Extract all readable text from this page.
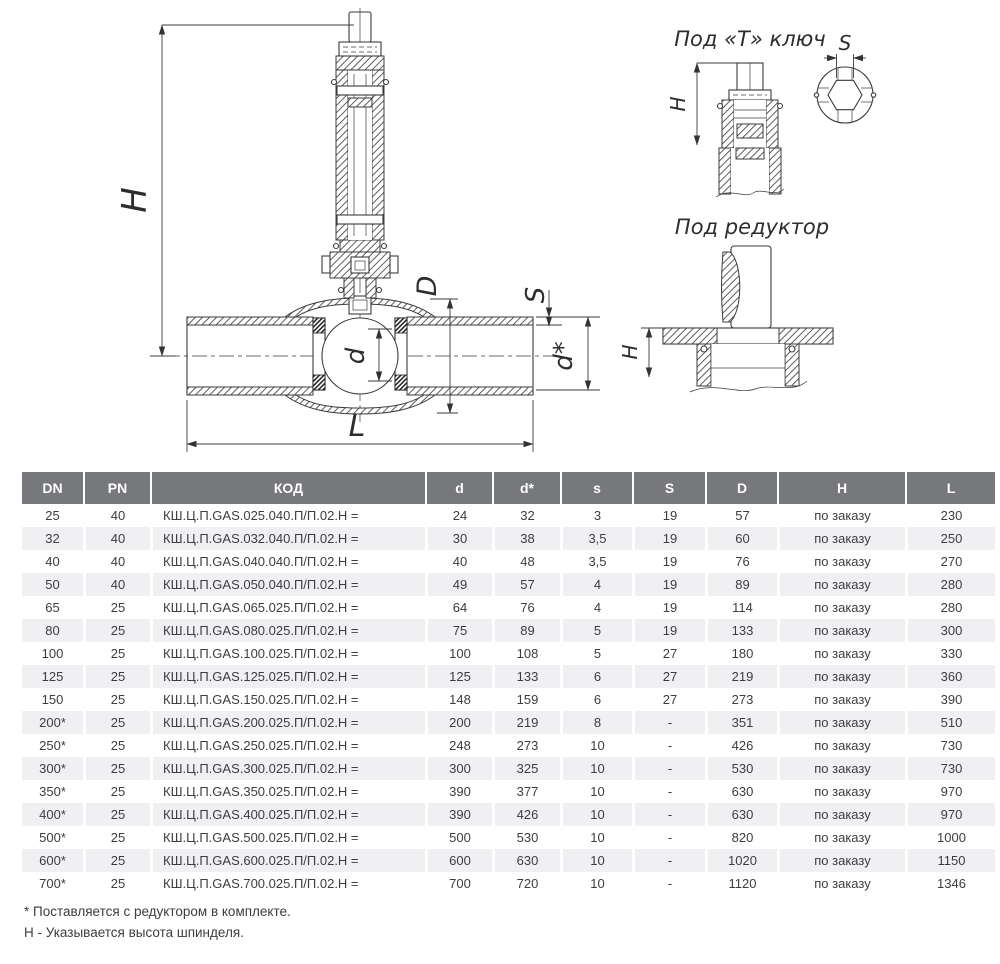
H
L
D	S
d*
d
Под «Т» ключ
H
S
Под редуктор
H
DN	PN	КОД	d	d*	s	S	D	H	L
25	40	КШ.Ц.П.GAS.025.040.П/П.02.Н =	24	32	3	19	57	по заказу	230
32	40	КШ.Ц.П.GAS.032.040.П/П.02.Н =	30	38	3,5	19	60	по заказу	250
40	40	КШ.Ц.П.GAS.040.040.П/П.02.Н =	40	48	3,5	19	76	по заказу	270
50	40	КШ.Ц.П.GAS.050.040.П/П.02.Н =	49	57	4	19	89	по заказу	280
65	25	КШ.Ц.П.GAS.065.025.П/П.02.Н =	64	76	4	19	114	по заказу	280
80	25	КШ.Ц.П.GAS.080.025.П/П.02.Н =	75	89	5	19	133	по заказу	300
100	25	КШ.Ц.П.GAS.100.025.П/П.02.Н =	100	108	5	27	180	по заказу	330
125	25	КШ.Ц.П.GAS.125.025.П/П.02.Н =	125	133	6	27	219	по заказу	360
150	25	КШ.Ц.П.GAS.150.025.П/П.02.Н =	148	159	6	27	273	по заказу	390
200*	25	КШ.Ц.П.GAS.200.025.П/П.02.Н =	200	219	8	-	351	по заказу	510
250*	25	КШ.Ц.П.GAS.250.025.П/П.02.Н =	248	273	10	-	426	по заказу	730
300*	25	КШ.Ц.П.GAS.300.025.П/П.02.Н =	300	325	10	-	530	по заказу	730
350*	25	КШ.Ц.П.GAS.350.025.П/П.02.Н =	390	377	10	-	630	по заказу	970
400*	25	КШ.Ц.П.GAS.400.025.П/П.02.Н =	390	426	10	-	630	по заказу	970
500*	25	КШ.Ц.П.GAS.500.025.П/П.02.Н =	500	530	10	-	820	по заказу	1000
600*	25	КШ.Ц.П.GAS.600.025.П/П.02.Н =	600	630	10	-	1020	по заказу	1150
700*	25	КШ.Ц.П.GAS.700.025.П/П.02.Н =	700	720	10	-	1120	по заказу	1346
* Поставляется с редуктором в комплекте.
Н - Указывается высота шпинделя.
